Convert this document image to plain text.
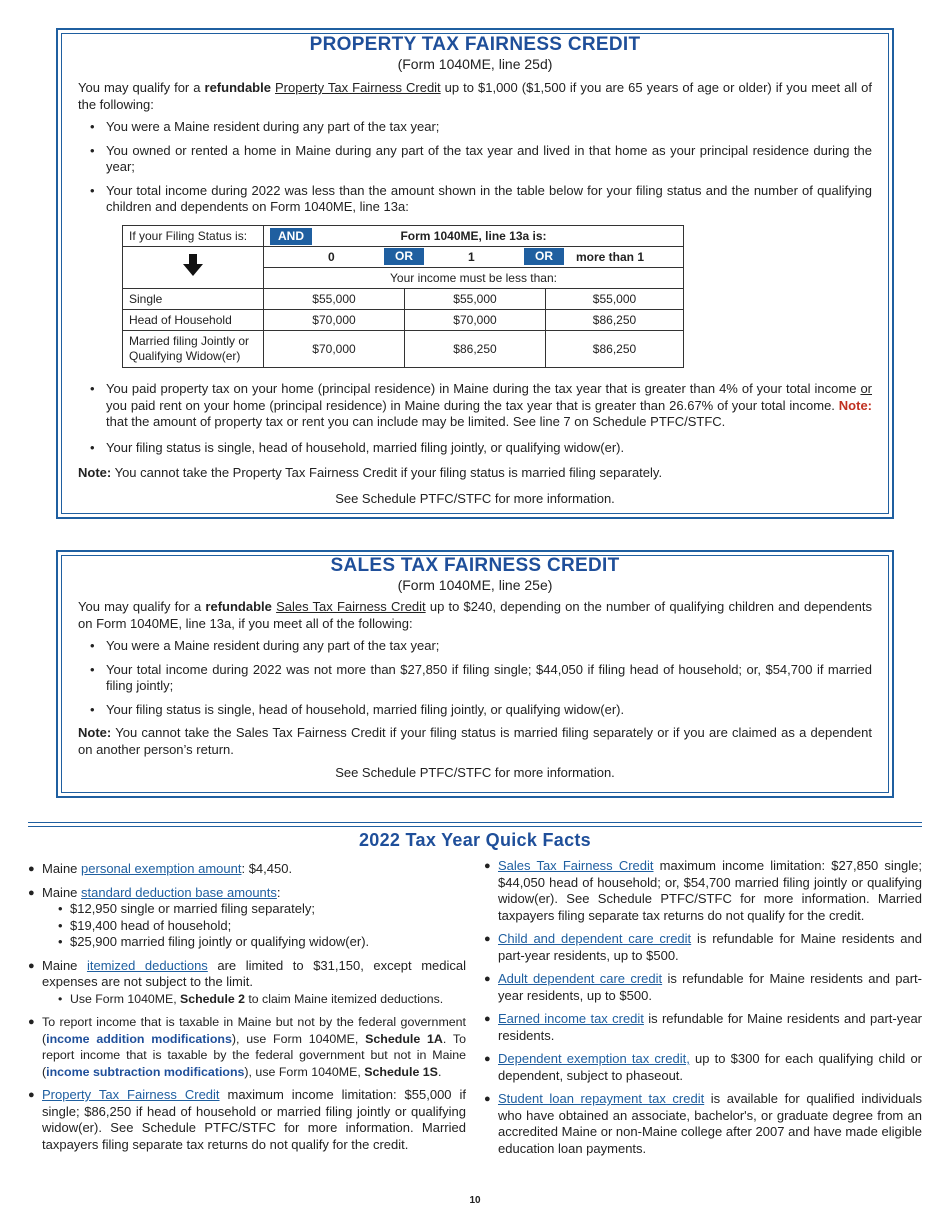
PROPERTY TAX FAIRNESS CREDIT
(Form 1040ME, line 25d)

You may qualify for a refundable Property Tax Fairness Credit up to $1,000 ($1,500 if you are 65 years of age or older) if you meet all of the following:

• You were a Maine resident during any part of the tax year;
• You owned or rented a home in Maine during any part of the tax year and lived in that home as your principal residence during the year;
• Your total income during 2022 was less than the amount shown in the table below for your filing status and the number of qualifying children and dependents on Form 1040ME, line 13a:
If your Filing Status is:	AND Form 1040ME, line 13a is:		

0 OR 1 OR more than 1		

	Your income must be less than:		
Single	$55,000	$55,000	$55,000
Head of Household	$70,000	$70,000	$86,250
Married filing Jointly or Qualifying Widow(er)	$70,000	$86,250	$86,250
• You paid property tax on your home (principal residence) in Maine during the tax year that is greater than 4% of your total income or you paid rent on your home (principal residence) in Maine during the tax year that is greater than 26.67% of your total income. Note: that the amount of property tax or rent you can include may be limited. See line 7 on Schedule PTFC/STFC.
• Your filing status is single, head of household, married filing jointly, or qualifying widow(er).

Note: You cannot take the Property Tax Fairness Credit if your filing status is married filing separately.

See Schedule PTFC/STFC for more information.

SALES TAX FAIRNESS CREDIT
(Form 1040ME, line 25e)

You may qualify for a refundable Sales Tax Fairness Credit up to $240, depending on the number of qualifying children and dependents on Form 1040ME, line 13a, if you meet all of the following:

• You were a Maine resident during any part of the tax year;
• Your total income during 2022 was not more than $27,850 if filing single; $44,050 if filing head of household; or, $54,700 if married filing jointly;
• Your filing status is single, head of household, married filing jointly, or qualifying widow(er).

Note: You cannot take the Sales Tax Fairness Credit if your filing status is married filing separately or if you are claimed as a dependent on another person’s return.

See Schedule PTFC/STFC for more information.

2022 Tax Year Quick Facts
● Maine personal exemption amount: $4,450.
● Maine standard deduction base amounts:
• $12,950 single or married filing separately;
• $19,400 head of household;
• $25,900 married filing jointly or qualifying widow(er).
● Maine itemized deductions are limited to $31,150, except medical expenses are not subject to the limit.
• Use Form 1040ME, Schedule 2 to claim Maine itemized deductions.
● To report income that is taxable in Maine but not by the federal government (income addition modifications), use Form 1040ME, Schedule 1A. To report income that is taxable by the federal government but not in Maine (income subtraction modifications), use Form 1040ME, Schedule 1S.
● Property Tax Fairness Credit maximum income limitation: $55,000 if single; $86,250 if head of household or married filing jointly or qualifying widow(er). See Schedule PTFC/STFC for more information. Married taxpayers filing separate tax returns do not qualify for the credit.
● Sales Tax Fairness Credit maximum income limitation: $27,850 single; $44,050 head of household; or, $54,700 married filing jointly or qualifying widow(er). See Schedule PTFC/STFC for more information. Married taxpayers filing separate tax returns do not qualify for the credit.
● Child and dependent care credit is refundable for Maine residents and part-year residents, up to $500.
● Adult dependent care credit is refundable for Maine residents and part-year residents, up to $500.
● Earned income tax credit is refundable for Maine residents and part-year residents.
● Dependent exemption tax credit, up to $300 for each qualifying child or dependent, subject to phaseout.
● Student loan repayment tax credit is available for qualified individuals who have obtained an associate, bachelor's, or graduate degree from an accredited Maine or non-Maine college after 2007 and have made eligible education loan payments.
10
